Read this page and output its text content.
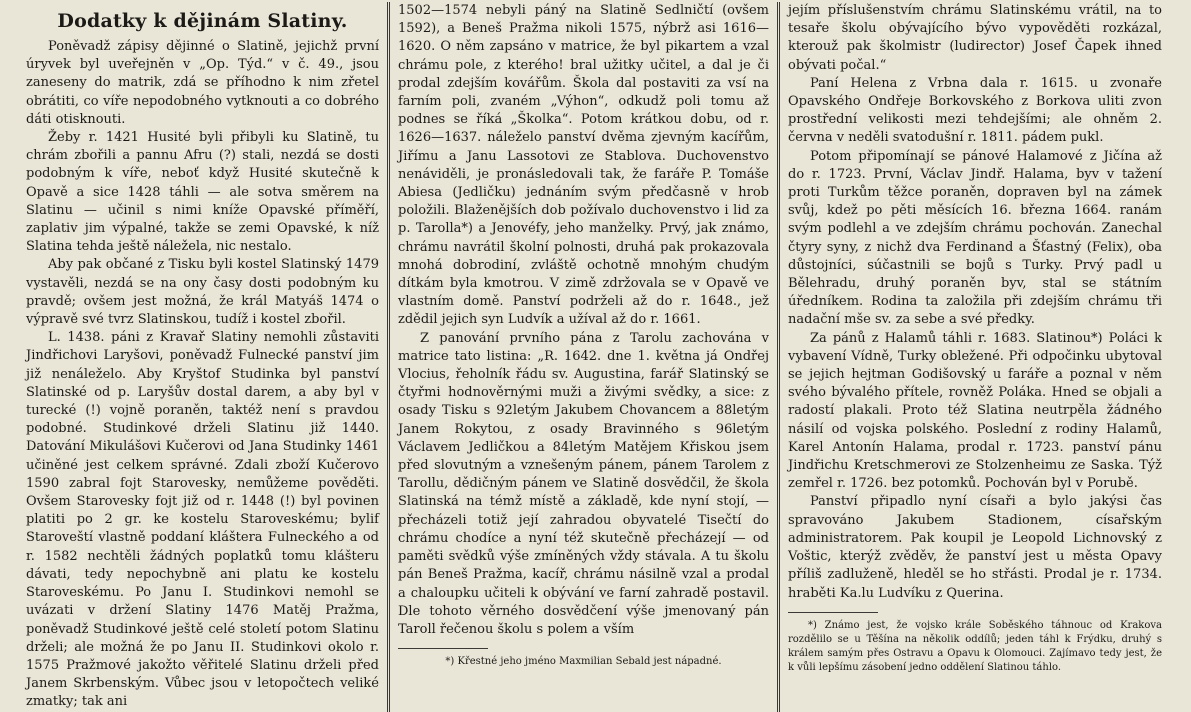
Dodatky k dějinám Slatiny.

Poněvadž zápisy dějinné o Slatině, jejichž první úryvek byl uveřejněn v „Op. Týd.“ v č. 49., jsou zaneseny do matrik, zdá se příhodno k nim zřetel obrátiti, co víře nepodobného vytknouti a co dobrého dáti otisknouti.

Žeby r. 1421 Husité byli přibyli ku Slatině, tu chrám zbořili a pannu Afru (?) stali, nezdá se dosti podobným k víře, neboť když Husité skutečně k Opavě a sice 1428 táhli — ale sotva směrem na Slatinu — učinil s nimi kníže Opavské příměří, zaplativ jim výpalné, takže se zemi Opavské, k níž Slatina tehda ještě náležela, nic nestalo.

Aby pak občané z Tisku byli kostel Slatinský 1479 vystavěli, nezdá se na ony časy dosti podobným ku pravdě; ovšem jest možná, že král Matyáš 1474 o výpravě své tvrz Slatinskou, tudíž i kostel zbořil.

L. 1438. páni z Kravař Slatiny nemohli zůstaviti Jindřichovi Laryšovi, poněvadž Fulnecké panství jim již nenáleželo. Aby Kryštof Studinka byl panství Slatinské od p. Laryšův dostal darem, a aby byl v turecké (!) vojně poraněn, taktéž není s pravdou podobné. Studinkové drželi Slatinu již 1440. Datování Mikulášovi Kučerovi od Jana Studinky 1461 učiněné jest celkem správné. Zdali zboží Kučerovo 1590 zabral fojt Starovesky, nemůžeme pověděti. Ovšem Starovesky fojt již od r. 1448 (!) byl povinen platiti po 2 gr. ke kostelu Staroveskému; bylif Staroveští vlastně poddaní kláštera Fulneckého a od r. 1582 nechtěli žádných poplatků tomu klášteru dávati, tedy nepochybně ani platu ke kostelu Staroveskému. Po Janu I. Studinkovi nemohl se uvázati v držení Slatiny 1476 Matěj Pražma, poněvadž Studinkové ještě celé století potom Slatinu drželi; ale možná že po Janu II. Studinkovi okolo r. 1575 Pražmové jakožto věřitelé Slatinu drželi před Janem Skrbenským. Vůbec jsou v letopočtech veliké zmatky; tak ani

1502—1574 nebyli páný na Slatině Sedlničtí (ovšem 1592), a Beneš Pražma nikoli 1575, nýbrž asi 1616—1620. O něm zapsáno v matrice, že byl pikartem a vzal chrámu pole, z kterého! bral užitky učitel, a dal je či prodal zdejším kovářům. Škola dal postaviti za vsí na farním poli, zvaném „Výhon“, odkudž poli tomu až podnes se říká „Školka“. Potom krátkou dobu, od r. 1626—1637. náleželo panství dvěma zjevným kacířům, Jiřímu a Janu Lassotovi ze Stablova. Duchovenstvo nenáviděli, je pronásledovali tak, že faráře P. Tomáše Abiesa (Jedličku) jednáním svým předčasně v hrob položili. Blaženějších dob požívalo duchovenstvo i lid za p. Tarolla*) a Jenovéfy, jeho manželky. Prvý, jak známo, chrámu navrátil školní polnosti, druhá pak prokazovala mnohá dobrodiní, zvláště ochotně mnohým chudým dítkám byla kmotrou. V zimě zdržovala se v Opavě ve vlastním domě. Panství podrželi až do r. 1648., jež zdědil jejich syn Ludvík a užíval až do r. 1661.

Z panování prvního pána z Tarolu zachována v matrice tato listina: „R. 1642. dne 1. května já Ondřej Vlocius, řeholník řádu sv. Augustina, farář Slatinský se čtyřmi hodnověrnými muži a živými svědky, a sice: z osady Tisku s 92letým Jakubem Chovancem a 88letým Janem Rokytou, z osady Bravinného s 96letým Václavem Jedličkou a 84letým Matějem Křiskou jsem před slovutným a vznešeným pánem, pánem Tarolem z Tarollu, dědičným pánem ve Slatině dosvědčil, že škola Slatinská na témž místě a základě, kde nyní stojí, — přecházeli totiž její zahradou obyvatelé Tisečtí do chrámu chodíce a nyní též skutečně přecházejí — od paměti svědků výše zmíněných vždy stávala. A tu školu pán Beneš Pražma, kacíř, chrámu násilně vzal a prodal a chaloupku učiteli k obývání ve farní zahradě postavil. Dle tohoto věrného dosvědčení výše jmenovaný pán Taroll řečenou školu s polem a vším

*) Křestné jeho jméno Maxmilian Sebald jest nápadné.

jejím příslušenstvím chrámu Slatinskému vrátil, na to tesaře školu obývajícího bývo vypověděti rozkázal, kterouž pak školmistr (ludirector) Josef Čapek ihned obývati počal.“

Paní Helena z Vrbna dala r. 1615. u zvonaře Opavského Ondřeje Borkovského z Borkova uliti zvon prostřední velikosti mezi tehdejšími; ale ohněm 2. června v neděli svatodušní r. 1811. pádem pukl.

Potom připomínají se pánové Halamové z Jičína až do r. 1723. První, Václav Jindř. Halama, byv v tažení proti Turkům těžce poraněn, dopraven byl na zámek svůj, kdež po pěti měsících 16. března 1664. ranám svým podlehl a ve zdejším chrámu pochován. Zanechal čtyry syny, z nichž dva Ferdinand a Šťastný (Felix), oba důstojníci, súčastnili se bojů s Turky. Prvý padl u Bělehradu, druhý poraněn byv, stal se státním úředníkem. Rodina ta založila při zdejším chrámu tři nadační mše sv. za sebe a své předky.

Za pánů z Halamů táhli r. 1683. Slatinou*) Poláci k vybavení Vídně, Turky obležené. Při odpočinku ubytoval se jejich hejtman Godišovský u faráře a poznal v něm svého bývalého přítele, rovněž Poláka. Hned se objali a radostí plakali. Proto též Slatina neutrpěla žádného násilí od vojska polského. Poslední z rodiny Halamů, Karel Antonín Halama, prodal r. 1723. panství pánu Jindřichu Kretschmerovi ze Stolzenheimu ze Saska. Týž zemřel r. 1726. bez potomků. Pochován byl v Porubě.

Panství připadlo nyní císaři a bylo jakýsi čas spravováno Jakubem Stadionem, císařským administratorem. Pak koupil je Leopold Lichnovský z Voštic, kterýž zvěděv, že panství jest u města Opavy příliš zadluženě, hleděl se ho střásti. Prodal je r. 1734. hraběti Ka.lu Ludvíku z Querina.

*) Známo jest, že vojsko krále Soběského táhnouc od Krakova rozdělilo se u Těšína na několik oddílů; jeden táhl k Frýdku, druhý s králem samým přes Ostravu a Opavu k Olomouci. Zajímavo tedy jest, že k vůli lepšímu zásobení jedno oddělení Slatinou táhlo.
